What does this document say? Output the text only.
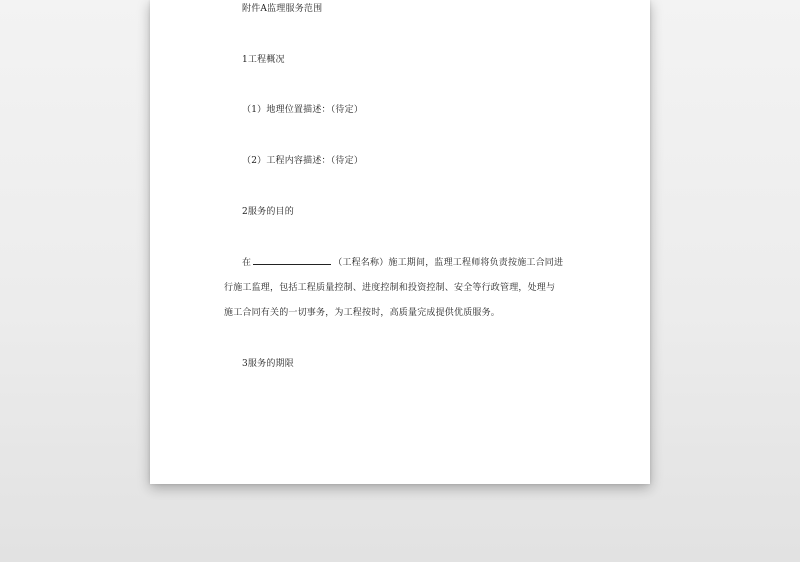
附件A监理服务范围
1工程概况
（1）地理位置描述：（待定）
（2）工程内容描述：（待定）
2服务的目的
在	（工程名称）施工期间，监理工程师将负责按施工合同进
行施工监理，包括工程质量控制、进度控制和投资控制、安全等行政管理，处理与
施工合同有关的一切事务，为工程按时，高质量完成提供优质服务。
3服务的期限
